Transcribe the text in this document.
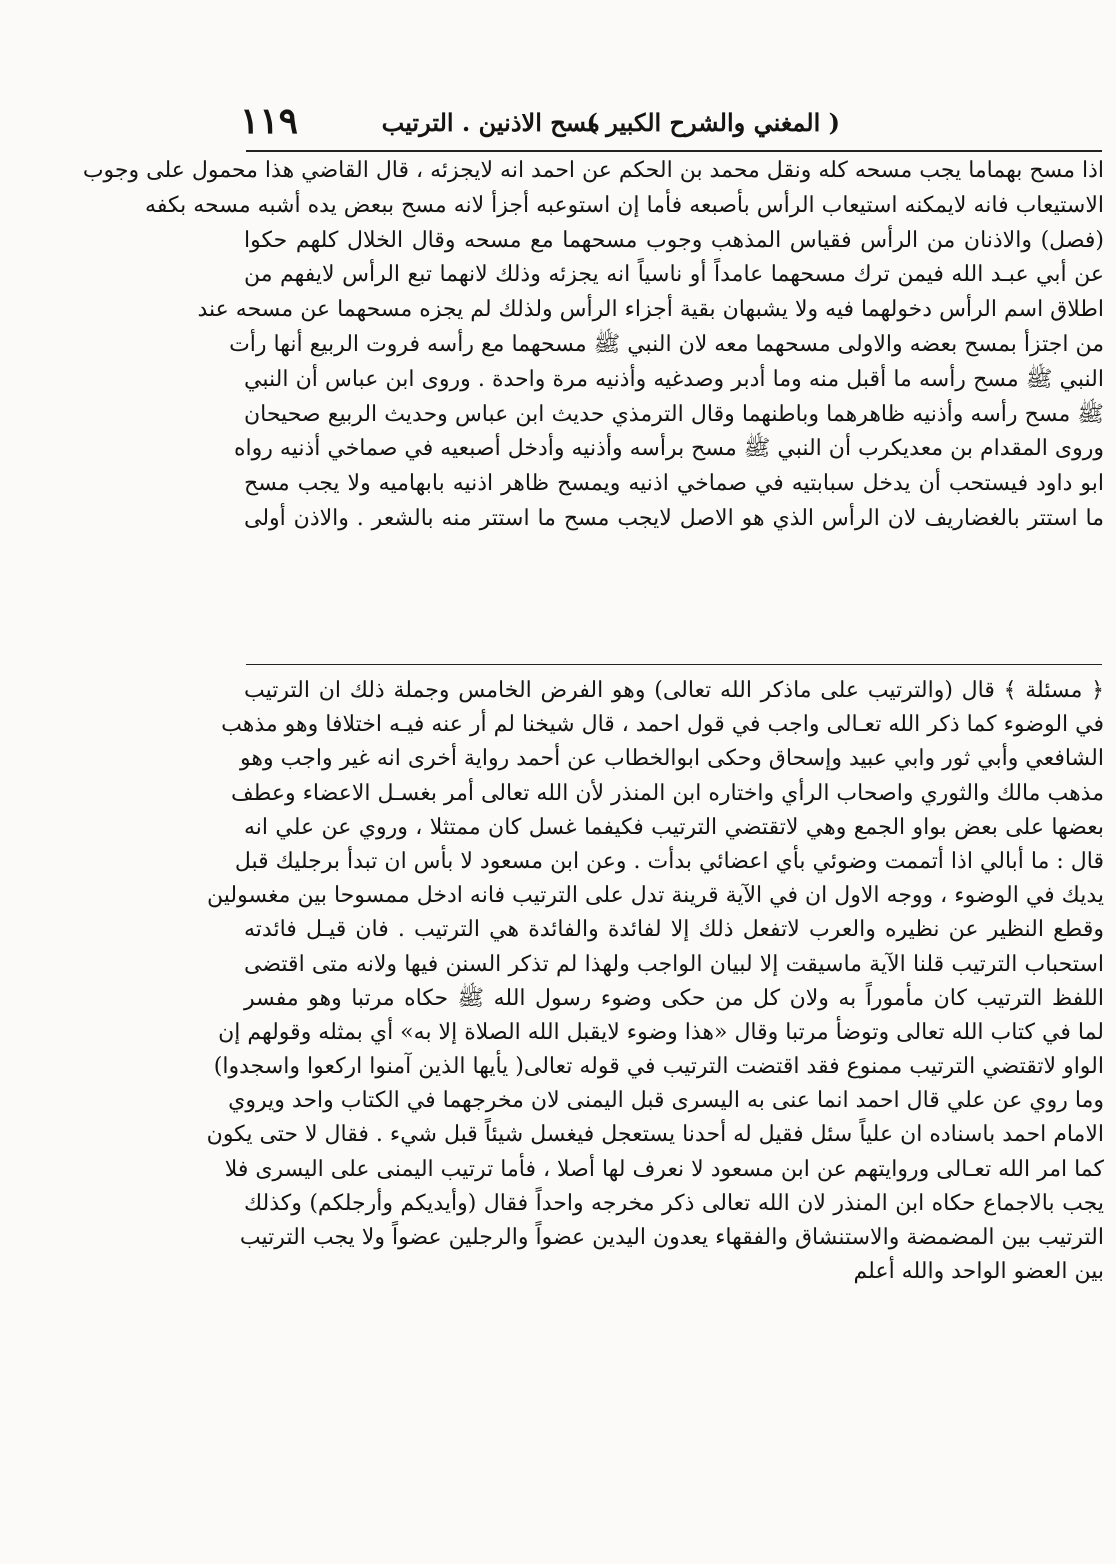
( المغني والشرح الكبير )
مسح الاذنين . الترتيب
١١٩
اذا مسح بهماما يجب مسحه كله ونقل محمد بن الحكم عن احمد انه لايجزئه ، قال القاضي هذا محمول على وجوب
الاستيعاب فانه لايمكنه استيعاب الرأس بأصبعه فأما إن استوعبه أجزأ لانه مسح ببعض يده أشبه مسحه بكفه
(فصل) والاذنان من الرأس فقياس المذهب وجوب مسحهما مع مسحه وقال الخلال كلهم حكوا
عن أبي عبـد الله فيمن ترك مسحهما عامداً أو ناسياً انه يجزئه وذلك لانهما تبع الرأس لايفهم من
اطلاق اسم الرأس دخولهما فيه ولا يشبهان بقية أجزاء الرأس ولذلك لم يجزه مسحهما عن مسحه عند
من اجتزأ بمسح بعضه والاولى مسحهما معه لان النبي ﷺ مسحهما مع رأسه فروت الربيع أنها رأت
النبي ﷺ مسح رأسه ما أقبل منه وما أدبر وصدغيه وأذنيه مرة واحدة . وروى ابن عباس أن النبي
ﷺ مسح رأسه وأذنيه ظاهرهما وباطنهما وقال الترمذي حديث ابن عباس وحديث الربيع صحيحان
وروى المقدام بن معديكرب أن النبي ﷺ مسح برأسه وأذنيه وأدخل أصبعيه في صماخي أذنيه رواه
ابو داود فيستحب أن يدخل سبابتيه في صماخي اذنيه ويمسح ظاهر اذنيه بابهاميه ولا يجب مسح
ما استتر بالغضاريف لان الرأس الذي هو الاصل لايجب مسح ما استتر منه بالشعر . والاذن أولى
﴿ مسئلة ﴾ قال (والترتيب على ماذكر الله تعالى) وهو الفرض الخامس وجملة ذلك ان الترتيب
في الوضوء كما ذكر الله تعـالى واجب في قول احمد ، قال شيخنا لم أر عنه فيـه اختلافا وهو مذهب
الشافعي وأبي ثور وابي عبيد وإسحاق وحكى ابوالخطاب عن أحمد رواية أخرى انه غير واجب وهو
مذهب مالك والثوري واصحاب الرأي واختاره ابن المنذر لأن الله تعالى أمر بغسـل الاعضاء وعطف
بعضها على بعض بواو الجمع وهي لاتقتضي الترتيب فكيفما غسل كان ممتثلا ، وروي عن علي انه
قال : ما أبالي اذا أتممت وضوئي بأي اعضائي بدأت . وعن ابن مسعود لا بأس ان تبدأ برجليك قبل
يديك في الوضوء ، ووجه الاول ان في الآية قرينة تدل على الترتيب فانه ادخل ممسوحا بين مغسولين
وقطع النظير عن نظيره والعرب لاتفعل ذلك إلا لفائدة والفائدة هي الترتيب . فان قيـل فائدته
استحباب الترتيب قلنا الآية ماسيقت إلا لبيان الواجب ولهذا لم تذكر السنن فيها ولانه متى اقتضى
اللفظ الترتيب كان مأموراً به ولان كل من حكى وضوء رسول الله ﷺ حكاه مرتبا وهو مفسر
لما في كتاب الله تعالى وتوضأ مرتبا وقال «هذا وضوء لايقبل الله الصلاة إلا به» أي بمثله وقولهم إن
الواو لاتقتضي الترتيب ممنوع فقد اقتضت الترتيب في قوله تعالى( يأيها الذين آمنوا اركعوا واسجدوا)
وما روي عن علي قال احمد انما عنى به اليسرى قبل اليمنى لان مخرجهما في الكتاب واحد ويروي
الامام احمد باسناده ان علياً سئل فقيل له أحدنا يستعجل فيغسل شيئاً قبل شيء . فقال لا حتى يكون
كما امر الله تعـالى وروايتهم عن ابن مسعود لا نعرف لها أصلا ، فأما ترتيب اليمنى على اليسرى فلا
يجب بالاجماع حكاه ابن المنذر لان الله تعالى ذكر مخرجه واحداً فقال (وأيديكم وأرجلكم) وكذلك
الترتيب بين المضمضة والاستنشاق والفقهاء يعدون اليدين عضواً والرجلين عضواً ولا يجب الترتيب
بين العضو الواحد والله أعلم
